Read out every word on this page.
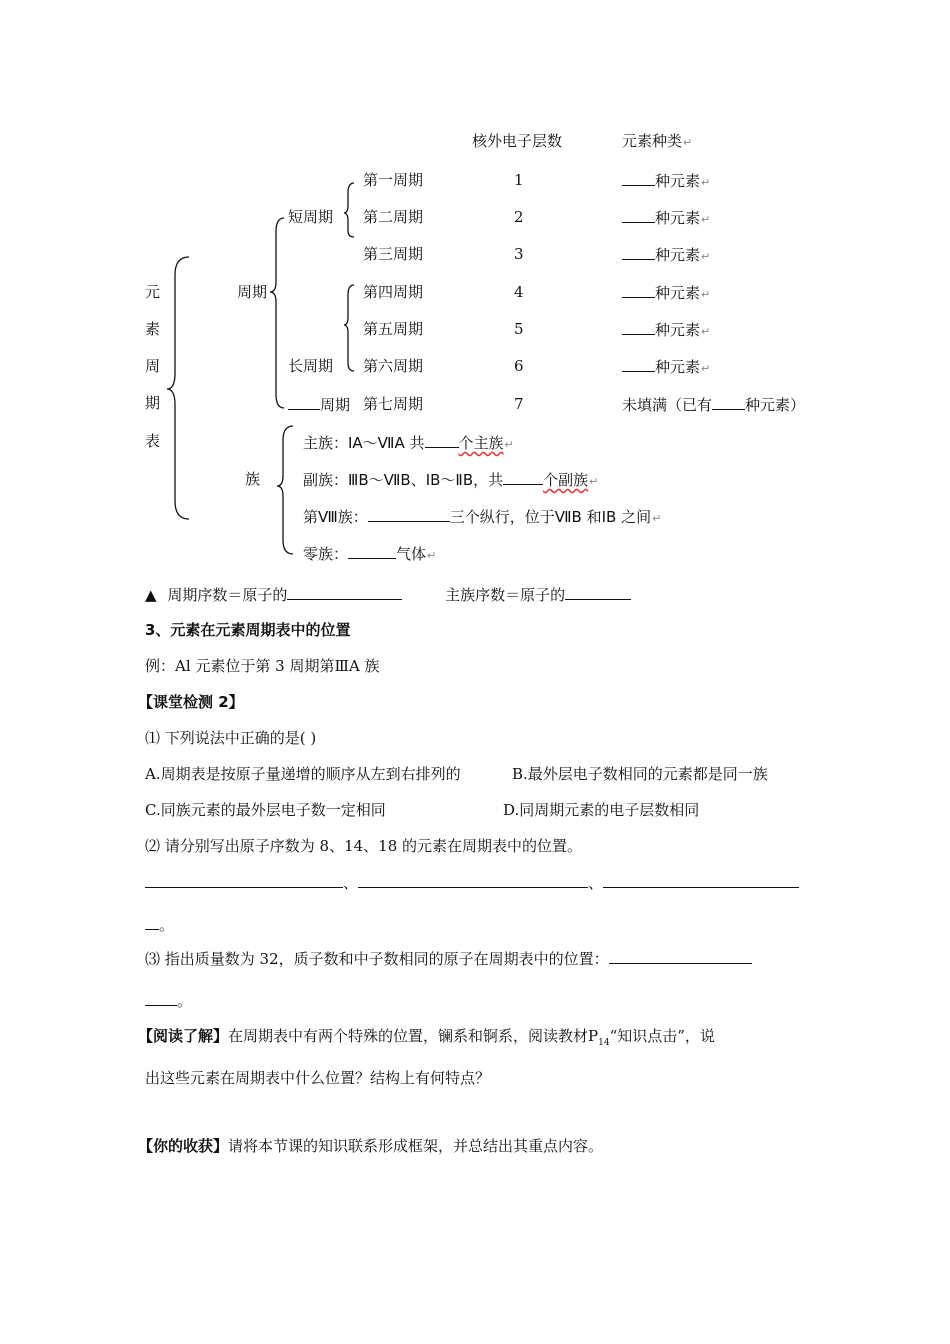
核外电子层数	元素种类↵
元
素
周
期
表
周期
短周期
长周期
周期
第一周期	1	种元素↵
第二周期	2	种元素↵
第三周期	3	种元素↵
第四周期	4	种元素↵
第五周期	5	种元素↵
第六周期	6	种元素↵
第七周期	7	未填满（已有 种元素）
族
主族：ⅠA～ⅦA 共 个主族↵
副族：ⅢB～ⅦB、ⅠB～ⅡB，共	个副族↵
第Ⅷ族：	三个纵行，位于ⅦB 和ⅠB 之间↵
零族：	气体↵
▲ 周期序数＝原子的	主族序数＝原子的
3、元素在元素周期表中的位置
例：Al 元素位于第 3 周期第ⅢA 族
【课堂检测 2】
⑴ 下列说法中正确的是( )
A.周期表是按原子量递增的顺序从左到右排列的	B.最外层电子数相同的元素都是同一族
C.同族元素的最外层电子数一定相同	D.同周期元素的电子层数相同
⑵ 请分别写出原子序数为 8、14、18 的元素在周期表中的位置。
、	、
。
⑶ 指出质量数为 32，质子数和中子数相同的原子在周期表中的位置：
。
【阅读了解】在周期表中有两个特殊的位置，镧系和锕系，阅读教材$P_{14}“$知识点击”，说
出这些元素在周期表中什么位置？结构上有何特点？
【你的收获】请将本节课的知识联系形成框架，并总结出其重点内容。
